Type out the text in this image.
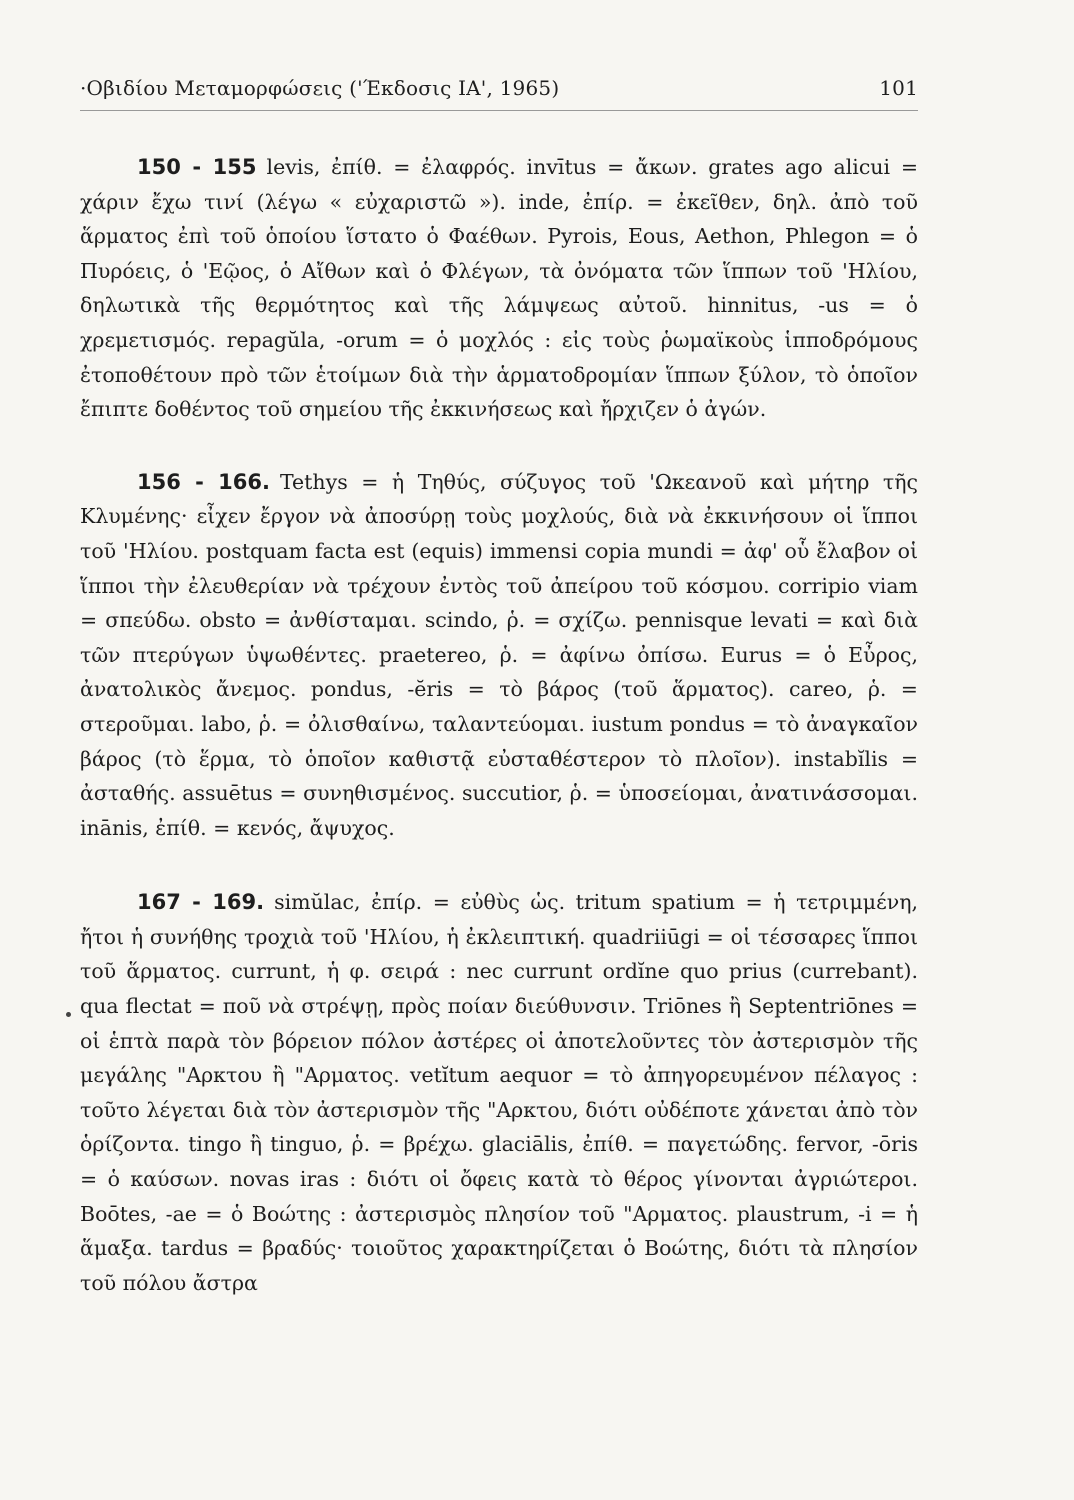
·Οβιδίου Μεταμορφώσεις ('Έκδοσις ΙΑ', 1965)	101

150 - 155 levis, ἐπίθ. = ἐλαφρός. invītus = ἄκων. grates ago alicui = χάριν ἔχω τινί (λέγω « εὐχαριστῶ »). inde, ἐπίρ. = ἐκεῖθεν, δηλ. ἀπὸ τοῦ ἅρματος ἐπὶ τοῦ ὁποίου ἵστατο ὁ Φαέθων. Pyrois, Eous, Aethon, Phlegon = ὁ Πυρόεις, ὁ 'Εῷος, ὁ Αἴθων καὶ ὁ Φλέγων, τὰ ὀνόματα τῶν ἵππων τοῦ 'Ηλίου, δηλωτικὰ τῆς θερμότητος καὶ τῆς λάμψεως αὐτοῦ. hinnitus, -us = ὁ χρεμετισμός. repagŭla, -orum = ὁ μοχλός : εἰς τοὺς ῥωμαϊκοὺς ἱπποδρόμους ἐτοποθέτουν πρὸ τῶν ἑτοίμων διὰ τὴν ἁρματοδρομίαν ἵππων ξύλον, τὸ ὁποῖον ἔπιπτε δοθέντος τοῦ σημείου τῆς ἐκκινήσεως καὶ ἤρχιζεν ὁ ἀγών.

156 - 166. Tethys = ἡ Τηθύς, σύζυγος τοῦ 'Ωκεανοῦ καὶ μήτηρ τῆς Κλυμένης· εἶχεν ἔργον νὰ ἀποσύρῃ τοὺς μοχλούς, διὰ νὰ ἐκκινήσουν οἱ ἵπποι τοῦ 'Ηλίου. postquam facta est (equis) immensi copia mundi = ἀφ' οὗ ἔλαβον οἱ ἵπποι τὴν ἐλευθερίαν νὰ τρέχουν ἐντὸς τοῦ ἀπείρου τοῦ κόσμου. corripio viam = σπεύδω. obsto = ἀνθίσταμαι. scindo, ῥ. = σχίζω. pennisque levati = καὶ διὰ τῶν πτερύγων ὑψωθέντες. praetereo, ῥ. = ἀφίνω ὀπίσω. Eurus = ὁ Εὖρος, ἀνατολικὸς ἄνεμος. pondus, -ĕris = τὸ βάρος (τοῦ ἅρματος). careo, ῥ. = στεροῦμαι. labo, ῥ. = ὀλισθαίνω, ταλαντεύομαι. iustum pondus = τὸ ἀναγκαῖον βάρος (τὸ ἕρμα, τὸ ὁποῖον καθιστᾷ εὐσταθέστερον τὸ πλοῖον). instabĭlis = ἀσταθής. assuētus = συνηθισμένος. succutior, ῥ. = ὑποσείομαι, ἀνατινάσσομαι. inānis, ἐπίθ. = κενός, ἄψυχος.

167 - 169. simŭlac, ἐπίρ. = εὐθὺς ὡς. tritum spatium = ἡ τετριμμένη, ἤτοι ἡ συνήθης τροχιὰ τοῦ 'Ηλίου, ἡ ἐκλειπτική. quadriiūgi = οἱ τέσσαρες ἵπποι τοῦ ἅρματος. currunt, ἡ φ. σειρά : nec currunt ordĭne quo prius (currebant). qua flectat = ποῦ νὰ στρέψῃ, πρὸς ποίαν διεύθυνσιν. Triōnes ἢ Septentriōnes = οἱ ἑπτὰ παρὰ τὸν βόρειον πόλον ἀστέρες οἱ ἀποτελοῦντες τὸν ἀστερισμὸν τῆς μεγάλης "Αρκτου ἢ "Αρματος. vetĭtum aequor = τὸ ἀπηγορευμένον πέλαγος : τοῦτο λέγεται διὰ τὸν ἀστερισμὸν τῆς "Αρκτου, διότι οὐδέποτε χάνεται ἀπὸ τὸν ὁρίζοντα. tingo ἢ tinguo, ῥ. = βρέχω. glaciālis, ἐπίθ. = παγετώδης. fervor, -ōris = ὁ καύσων. novas iras : διότι οἱ ὄφεις κατὰ τὸ θέρος γίνονται ἀγριώτεροι. Boōtes, -ae = ὁ Βοώτης : ἀστερισμὸς πλησίον τοῦ "Αρματος. plaustrum, -i = ἡ ἅμαξα. tardus = βραδύς· τοιοῦτος χαρακτηρίζεται ὁ Βοώτης, διότι τὰ πλησίον τοῦ πόλου ἄστρα
